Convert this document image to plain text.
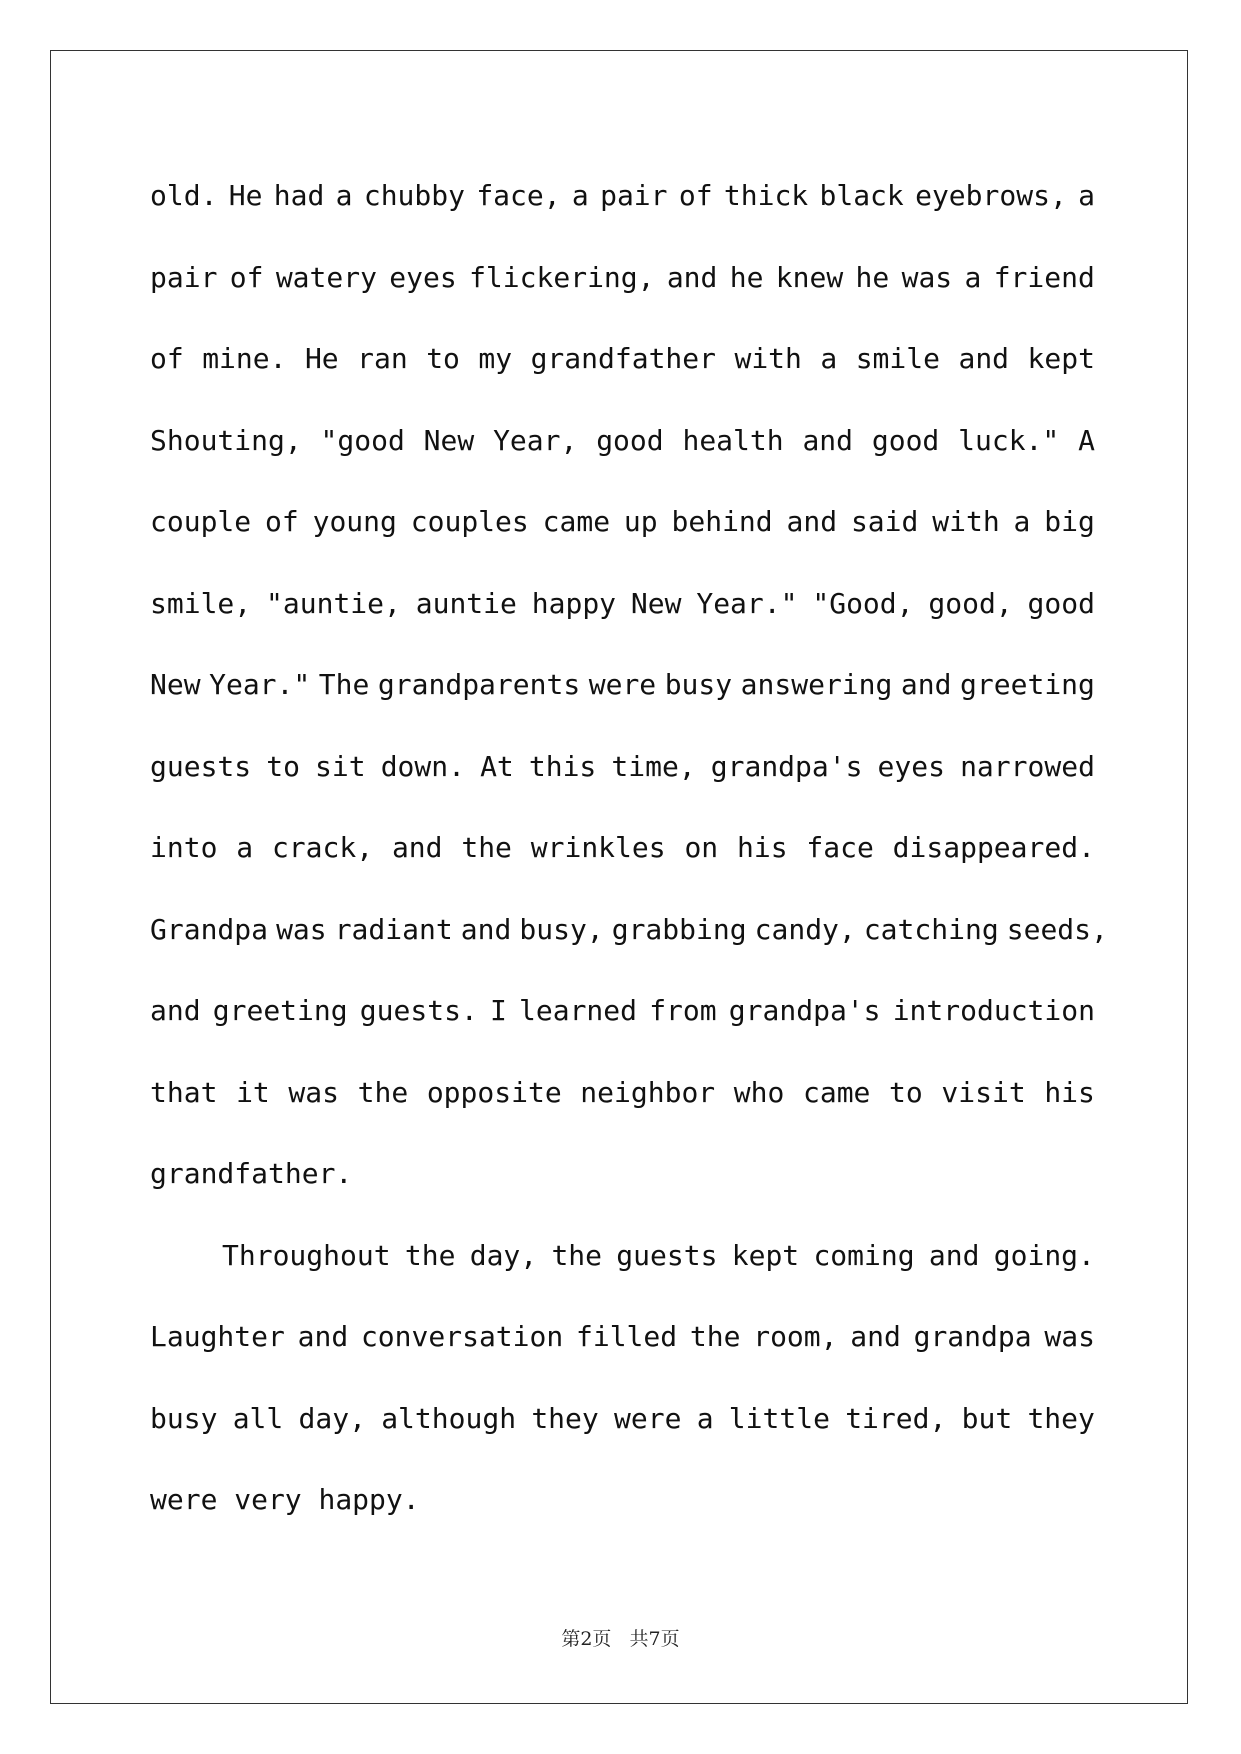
old. He had a chubby face, a pair of thick black eyebrows, a
pair of watery eyes flickering, and he knew he was a friend
of mine. He ran to my grandfather with a smile and kept
Shouting, "good New Year, good health and good luck." A
couple of young couples came up behind and said with a big
smile, "auntie, auntie happy New Year." "Good, good, good
New Year." The grandparents were busy answering and greeting
guests to sit down. At this time, grandpa's eyes narrowed
into a crack, and the wrinkles on his face disappeared.
Grandpa was radiant and busy, grabbing candy, catching seeds,
and greeting guests. I learned from grandpa's introduction
that it was the opposite neighbor who came to visit his
grandfather.
Throughout the day, the guests kept coming and going.
Laughter and conversation filled the room, and grandpa was
busy all day, although they were a little tired, but they
were very happy.
第2页   共7页
